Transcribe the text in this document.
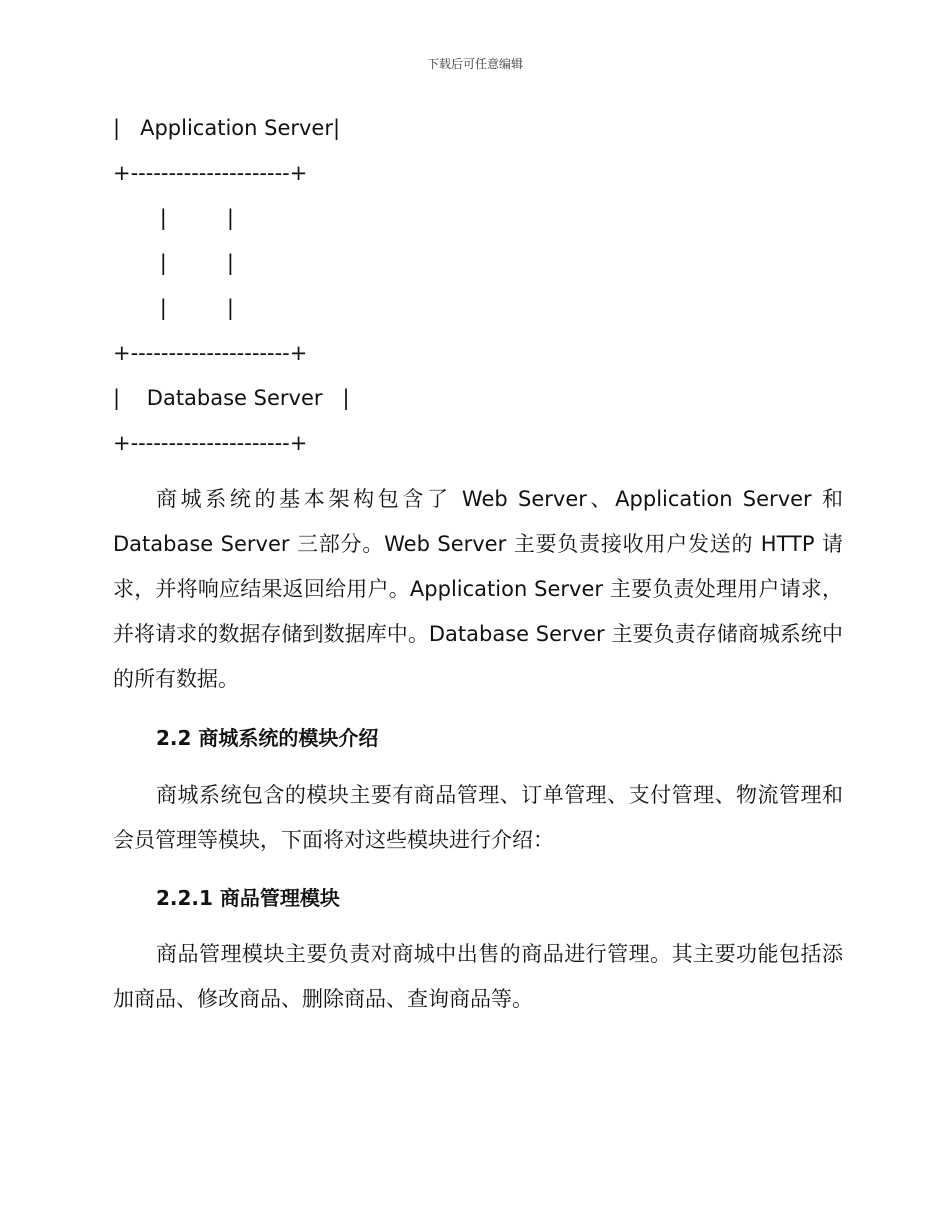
下载后可任意编辑
|   Application Server|
+---------------------+
|         |
|         |
|         |
+---------------------+
|    Database Server   |
+---------------------+

商城系统的基本架构包含了 Web Server、Application Server 和 Database Server 三部分。Web Server 主要负责接收用户发送的 HTTP 请求，并将响应结果返回给用户。Application Server 主要负责处理用户请求，并将请求的数据存储到数据库中。Database Server 主要负责存储商城系统中的所有数据。

2.2 商城系统的模块介绍

商城系统包含的模块主要有商品管理、订单管理、支付管理、物流管理和会员管理等模块，下面将对这些模块进行介绍：

2.2.1 商品管理模块

商品管理模块主要负责对商城中出售的商品进行管理。其主要功能包括添加商品、修改商品、删除商品、查询商品等。
